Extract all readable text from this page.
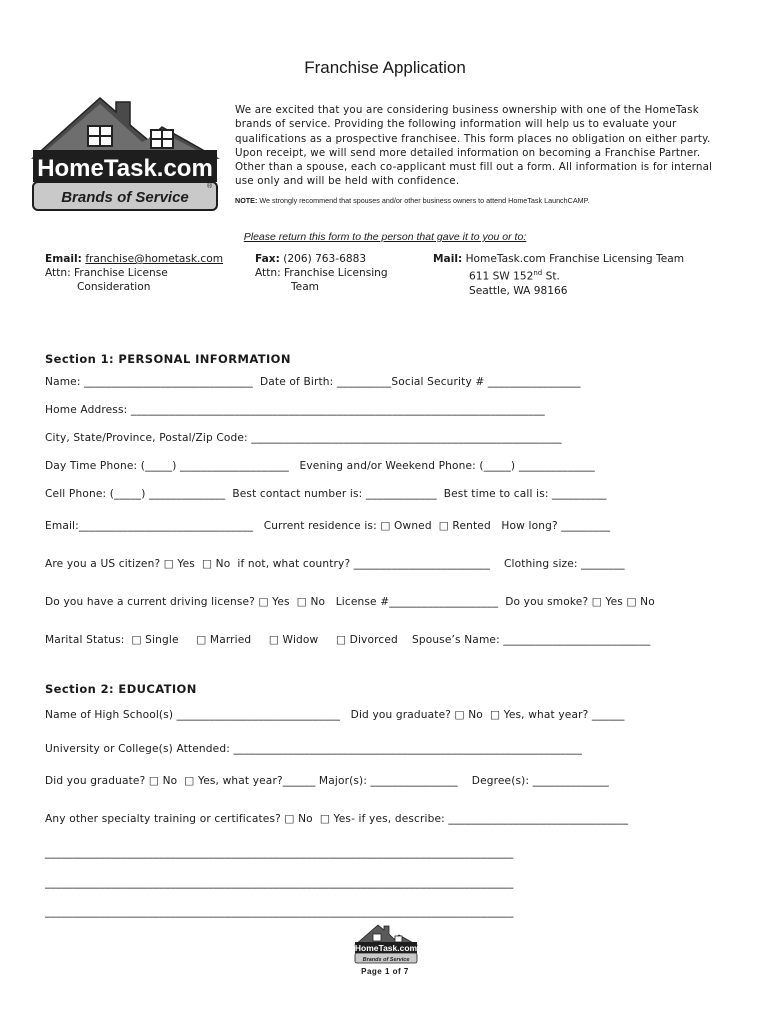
Franchise Application
HomeTask.com
Brands of Service
®
We are excited that you are considering business ownership with one of the HomeTask brands of service. Providing the following information will help us to evaluate your qualifications as a prospective franchisee. This form places no obligation on either party. Upon receipt, we will send more detailed information on becoming a Franchise Partner. Other than a spouse, each co-applicant must fill out a form. All information is for internal use only and will be held with confidence.
NOTE: We strongly recommend that spouses and/or other business owners to attend HomeTask LaunchCAMP.
Please return this form to the person that gave it to you or to:
Email: franchise@hometask.com
Attn: Franchise License
Consideration
Fax: (206) 763-6883
Attn: Franchise Licensing
Team
Mail: HomeTask.com Franchise Licensing Team
611 SW 152nd St.
Seattle, WA 98166
Section 1: PERSONAL INFORMATION
Name: _______________________________  Date of Birth: __________Social Security # _________________
Home Address: ____________________________________________________________________________
City, State/Province, Postal/Zip Code: _________________________________________________________
Day Time Phone: (_____) ____________________   Evening and/or Weekend Phone: (_____) ______________
Cell Phone: (_____) ______________  Best contact number is: _____________  Best time to call is: __________
Email:________________________________   Current residence is: □ Owned  □ Rented   How long? _________
Are you a US citizen? □ Yes  □ No  if not, what country? _________________________    Clothing size: ________
Do you have a current driving license? □ Yes  □ No   License #____________________  Do you smoke? □ Yes □ No
Marital Status:  □ Single     □ Married     □ Widow     □ Divorced    Spouse’s Name: ___________________________
Section 2: EDUCATION
Name of High School(s) ______________________________   Did you graduate? □ No  □ Yes, what year? ______
University or College(s) Attended: ________________________________________________________________
Did you graduate? □ No  □ Yes, what year?______ Major(s): ________________    Degree(s): ______________
Any other specialty training or certificates? □ No  □ Yes- if yes, describe: _________________________________
______________________________________________________________________________________
______________________________________________________________________________________
______________________________________________________________________________________
HomeTask.com
Brands of Service
Page 1 of 7
